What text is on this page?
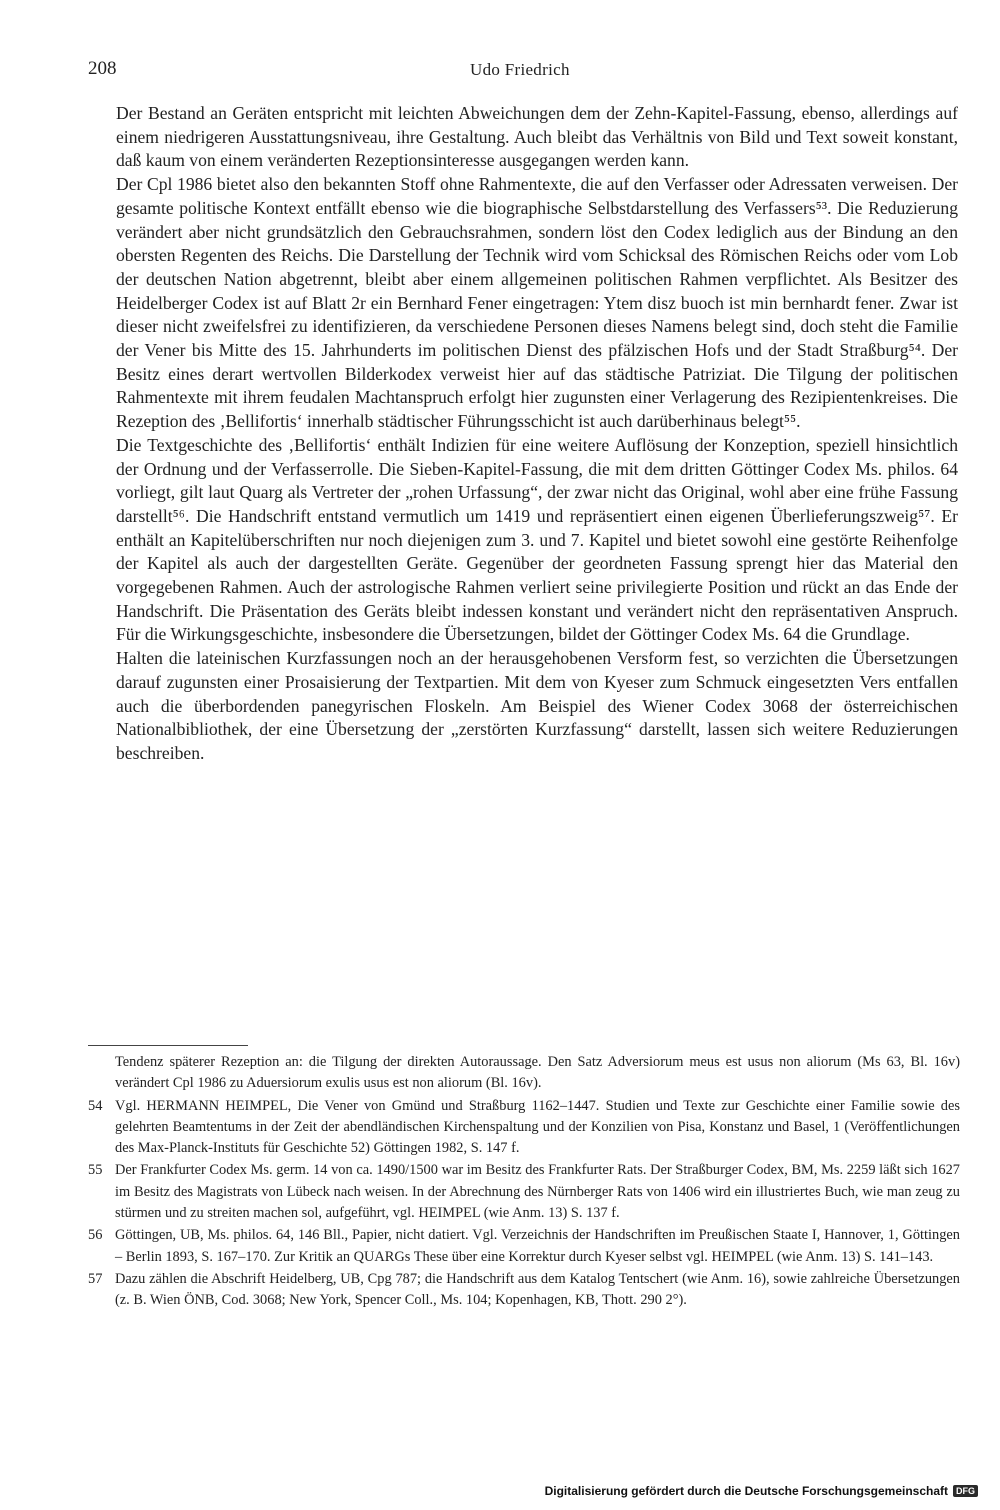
208	Udo Friedrich

Der Bestand an Geräten entspricht mit leichten Abweichungen dem der Zehn-Kapitel-Fassung, ebenso, allerdings auf einem niedrigeren Ausstattungsniveau, ihre Gestaltung. Auch bleibt das Verhältnis von Bild und Text soweit konstant, daß kaum von einem veränderten Rezeptionsinteresse ausgegangen werden kann.

Der Cpl 1986 bietet also den bekannten Stoff ohne Rahmentexte, die auf den Verfasser oder Adressaten verweisen. Der gesamte politische Kontext entfällt ebenso wie die biographische Selbstdarstellung des Verfassers⁵³. Die Reduzierung verändert aber nicht grundsätzlich den Gebrauchsrahmen, sondern löst den Codex lediglich aus der Bindung an den obersten Regenten des Reichs. Die Darstellung der Technik wird vom Schicksal des Römischen Reichs oder vom Lob der deutschen Nation abgetrennt, bleibt aber einem allgemeinen politischen Rahmen verpflichtet. Als Besitzer des Heidelberger Codex ist auf Blatt 2r ein Bernhard Fener eingetragen: Ytem disz buoch ist min bernhardt fener. Zwar ist dieser nicht zweifelsfrei zu identifizieren, da verschiedene Personen dieses Namens belegt sind, doch steht die Familie der Vener bis Mitte des 15. Jahrhunderts im politischen Dienst des pfälzischen Hofs und der Stadt Straßburg⁵⁴. Der Besitz eines derart wertvollen Bilderkodex verweist hier auf das städtische Patriziat. Die Tilgung der politischen Rahmentexte mit ihrem feudalen Machtanspruch erfolgt hier zugunsten einer Verlagerung des Rezipientenkreises. Die Rezeption des ‚Bellifortis‘ innerhalb städtischer Führungsschicht ist auch darüberhinaus belegt⁵⁵.

Die Textgeschichte des ‚Bellifortis‘ enthält Indizien für eine weitere Auflösung der Konzeption, speziell hinsichtlich der Ordnung und der Verfasserrolle. Die Sieben-Kapitel-Fassung, die mit dem dritten Göttinger Codex Ms. philos. 64 vorliegt, gilt laut Quarg als Vertreter der „rohen Urfassung“, der zwar nicht das Original, wohl aber eine frühe Fassung darstellt⁵⁶. Die Handschrift entstand vermutlich um 1419 und repräsentiert einen eigenen Überlieferungszweig⁵⁷. Er enthält an Kapitelüberschriften nur noch diejenigen zum 3. und 7. Kapitel und bietet sowohl eine gestörte Reihenfolge der Kapitel als auch der dargestellten Geräte. Gegenüber der geordneten Fassung sprengt hier das Material den vorgegebenen Rahmen. Auch der astrologische Rahmen verliert seine privilegierte Position und rückt an das Ende der Handschrift. Die Präsentation des Geräts bleibt indessen konstant und verändert nicht den repräsentativen Anspruch. Für die Wirkungsgeschichte, insbesondere die Übersetzungen, bildet der Göttinger Codex Ms. 64 die Grundlage.

Halten die lateinischen Kurzfassungen noch an der herausgehobenen Versform fest, so verzichten die Übersetzungen darauf zugunsten einer Prosaisierung der Textpartien. Mit dem von Kyeser zum Schmuck eingesetzten Vers entfallen auch die überbordenden panegyrischen Floskeln. Am Beispiel des Wiener Codex 3068 der österreichischen Nationalbibliothek, der eine Übersetzung der „zerstörten Kurzfassung“ darstellt, lassen sich weitere Reduzierungen beschreiben.

Tendenz späterer Rezeption an: die Tilgung der direkten Autoraussage. Den Satz Adversiorum meus est usus non aliorum (Ms 63, Bl. 16v) verändert Cpl 1986 zu Aduersiorum exulis usus est non aliorum (Bl. 16v).

54 Vgl. HERMANN HEIMPEL, Die Vener von Gmünd und Straßburg 1162–1447. Studien und Texte zur Geschichte einer Familie sowie des gelehrten Beamtentums in der Zeit der abendländischen Kirchenspaltung und der Konzilien von Pisa, Konstanz und Basel, 1 (Veröffentlichungen des Max-Planck-Instituts für Geschichte 52) Göttingen 1982, S. 147 f.

55 Der Frankfurter Codex Ms. germ. 14 von ca. 1490/1500 war im Besitz des Frankfurter Rats. Der Straßburger Codex, BM, Ms. 2259 läßt sich 1627 im Besitz des Magistrats von Lübeck nach weisen. In der Abrechnung des Nürnberger Rats von 1406 wird ein illustriertes Buch, wie man zeug zu stürmen und zu streiten machen sol, aufgeführt, vgl. HEIMPEL (wie Anm. 13) S. 137 f.

56 Göttingen, UB, Ms. philos. 64, 146 Bll., Papier, nicht datiert. Vgl. Verzeichnis der Handschriften im Preußischen Staate I, Hannover, 1, Göttingen – Berlin 1893, S. 167–170. Zur Kritik an QUARGs These über eine Korrektur durch Kyeser selbst vgl. HEIMPEL (wie Anm. 13) S. 141–143.

57 Dazu zählen die Abschrift Heidelberg, UB, Cpg 787; die Handschrift aus dem Katalog Tentschert (wie Anm. 16), sowie zahlreiche Übersetzungen (z. B. Wien ÖNB, Cod. 3068; New York, Spencer Coll., Ms. 104; Kopenhagen, KB, Thott. 290 2°).

Digitalisierung gefördert durch die Deutsche Forschungsgemeinschaft DFG
